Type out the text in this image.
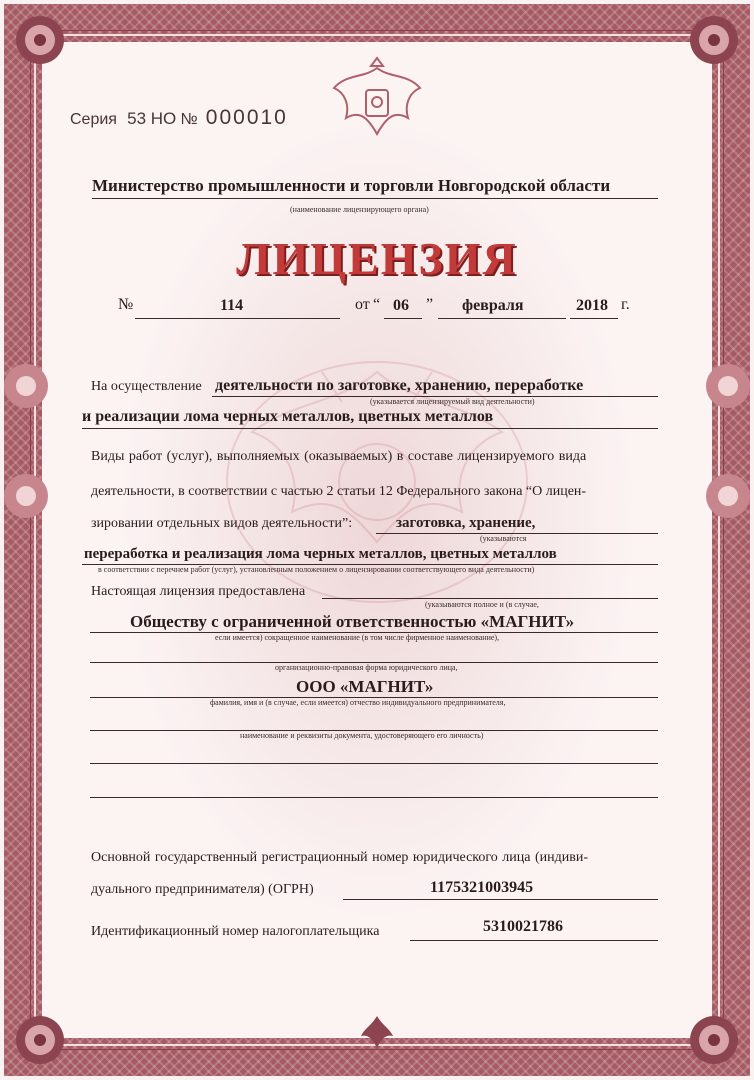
Серия 53 НО № 000010
Министерство промышленности и торговли Новгородской области
(наименование лицензирующего органа)
ЛИЦЕНЗИЯ
№	114	от “ 06 ” февраля	2018 г.
На осуществление деятельности по заготовке, хранению, переработке
(указывается лицензируемый вид деятельности)
и реализации лома черных металлов, цветных металлов
Виды работ (услуг), выполняемых (оказываемых) в составе лицензируемого вида
деятельности, в соответствии с частью 2 статьи 12 Федерального закона “О лицен-
зировании отдельных видов деятельности”:	заготовка, хранение,
(указываются
переработка и реализация лома черных металлов, цветных металлов
в соответствии с перечнем работ (услуг), установленным положением о лицензировании соответствующего вида деятельности)
Настоящая лицензия предоставлена
(указываются полное и (в случае,
Обществу с ограниченной ответственностью «МАГНИТ»
если имеется) сокращенное наименование (в том числе фирменное наименование),
организационно-правовая форма юридического лица,
ООО «МАГНИТ»
фамилия, имя и (в случае, если имеется) отчество индивидуального предпринимателя,
наименование и реквизиты документа, удостоверяющего его личность)
Основной государственный регистрационный номер юридического лица (индиви-
дуального предпринимателя) (ОГРН)	1175321003945
Идентификационный номер налогоплательщика	5310021786
